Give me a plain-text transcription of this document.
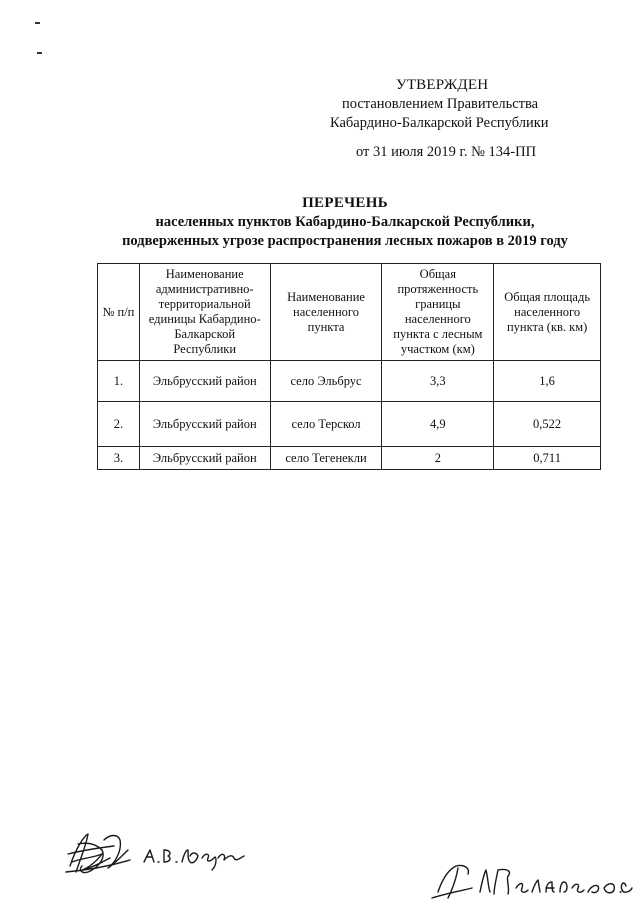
УТВЕРЖДЕН
постановлением Правительства
Кабардино-Балкарской Республики
от 31 июля 2019 г. № 134-ПП
ПЕРЕЧЕНЬ
населенных пунктов Кабардино-Балкарской Республики,
подверженных угрозе распространения лесных пожаров в 2019 году
№ п/п	Наименование административно-территориальной единицы Кабардино-Балкарской Республики	Наименование населенного пункта	Общая протяженность границы населенного пункта с лесным участком (км)	Общая площадь населенного пункта (кв. км)
1.	Эльбрусский район	село Эльбрус	3,3	1,6
2.	Эльбрусский район	село Терскол	4,9	0,522
3.	Эльбрусский район	село Тегенекли	2	0,711
